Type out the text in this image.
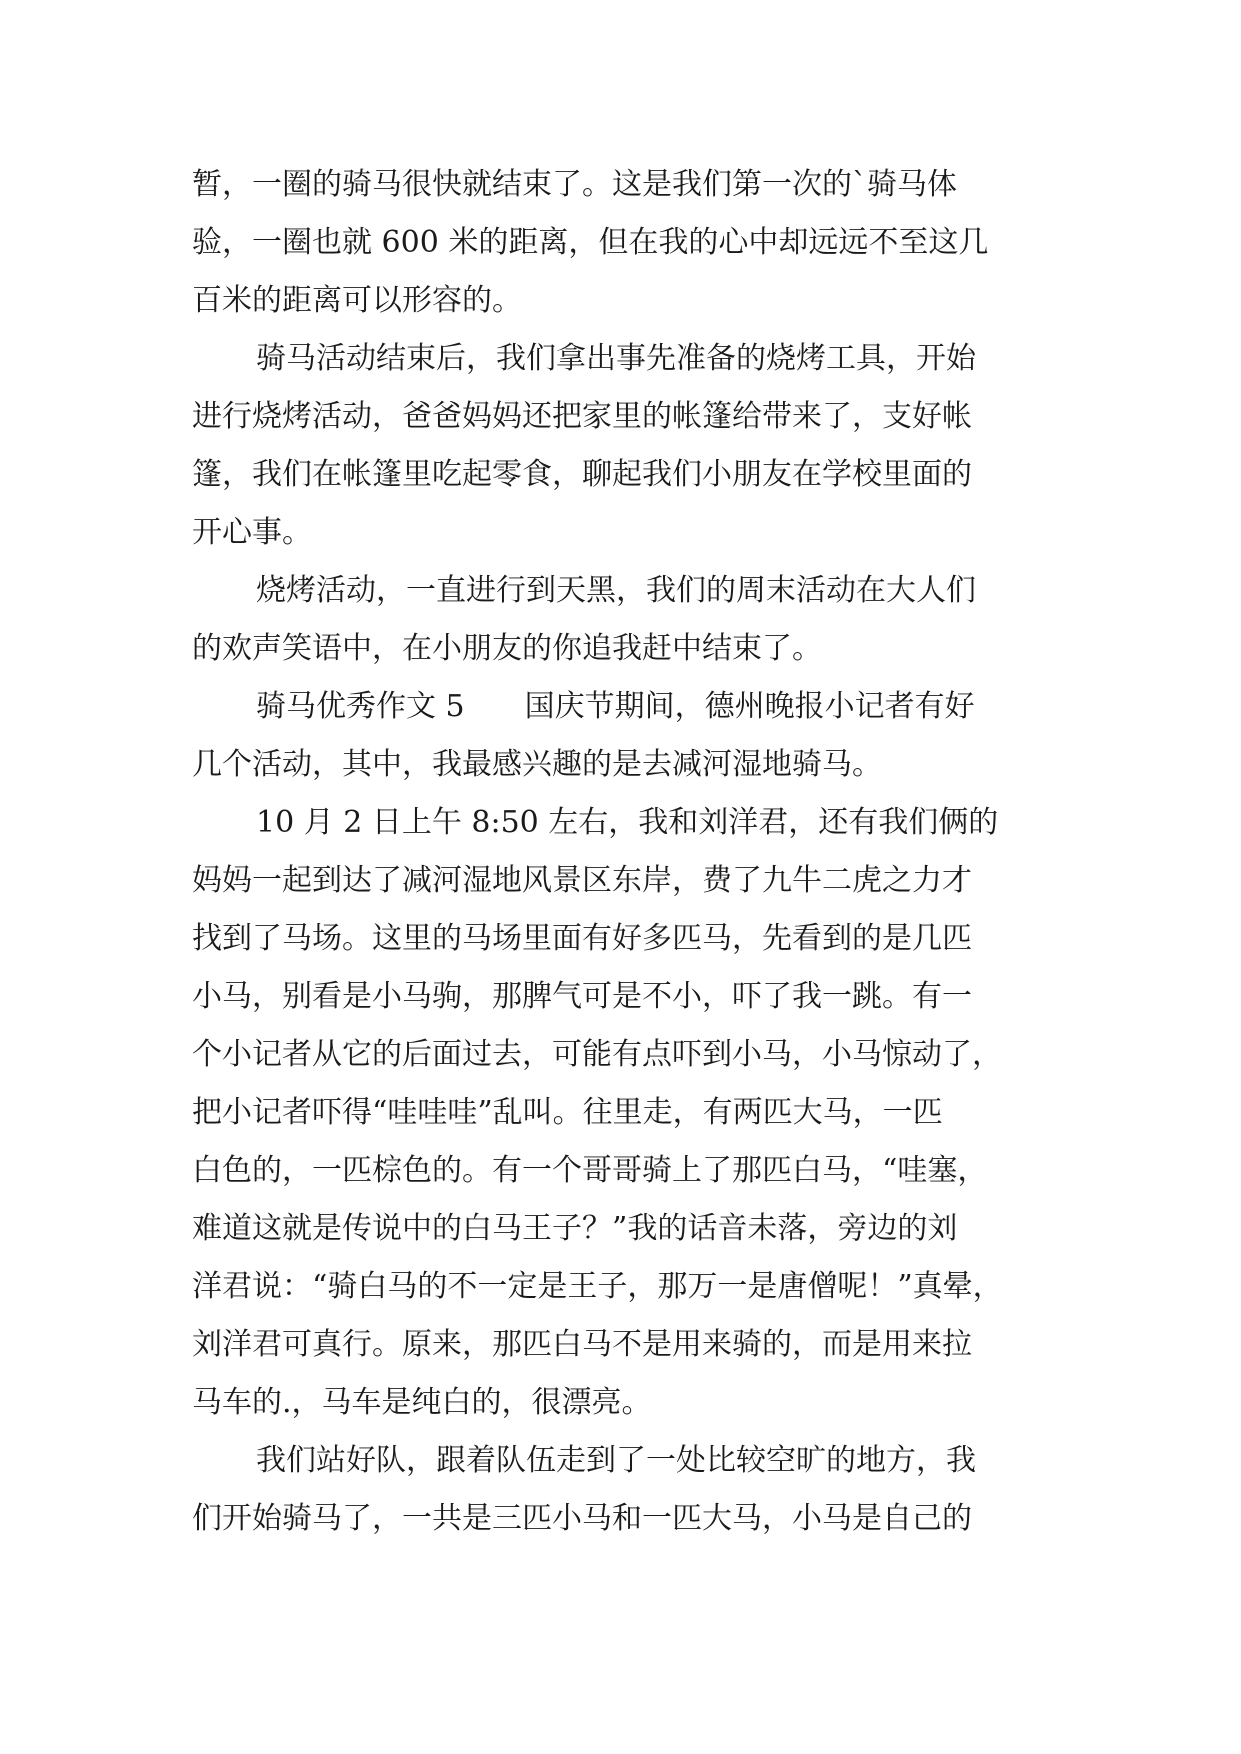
暂，一圈的骑马很快就结束了。这是我们第一次的`骑马体
验，一圈也就 600 米的距离，但在我的心中却远远不至这几
百米的距离可以形容的。
骑马活动结束后，我们拿出事先准备的烧烤工具，开始
进行烧烤活动，爸爸妈妈还把家里的帐篷给带来了，支好帐
篷，我们在帐篷里吃起零食，聊起我们小朋友在学校里面的
开心事。
烧烤活动，一直进行到天黑，我们的周末活动在大人们
的欢声笑语中，在小朋友的你追我赶中结束了。
骑马优秀作文 5　　国庆节期间，德州晚报小记者有好
几个活动，其中，我最感兴趣的是去减河湿地骑马。
10 月 2 日上午 8:50 左右，我和刘洋君，还有我们俩的
妈妈一起到达了减河湿地风景区东岸，费了九牛二虎之力才
找到了马场。这里的马场里面有好多匹马，先看到的是几匹
小马，别看是小马驹，那脾气可是不小，吓了我一跳。有一
个小记者从它的后面过去，可能有点吓到小马，小马惊动了，
把小记者吓得“哇哇哇”乱叫。往里走，有两匹大马，一匹
白色的，一匹棕色的。有一个哥哥骑上了那匹白马，“哇塞，
难道这就是传说中的白马王子？”我的话音未落，旁边的刘
洋君说：“骑白马的不一定是王子，那万一是唐僧呢！”真晕，
刘洋君可真行。原来，那匹白马不是用来骑的，而是用来拉
马车的.，马车是纯白的，很漂亮。
我们站好队，跟着队伍走到了一处比较空旷的地方，我
们开始骑马了，一共是三匹小马和一匹大马，小马是自己的
